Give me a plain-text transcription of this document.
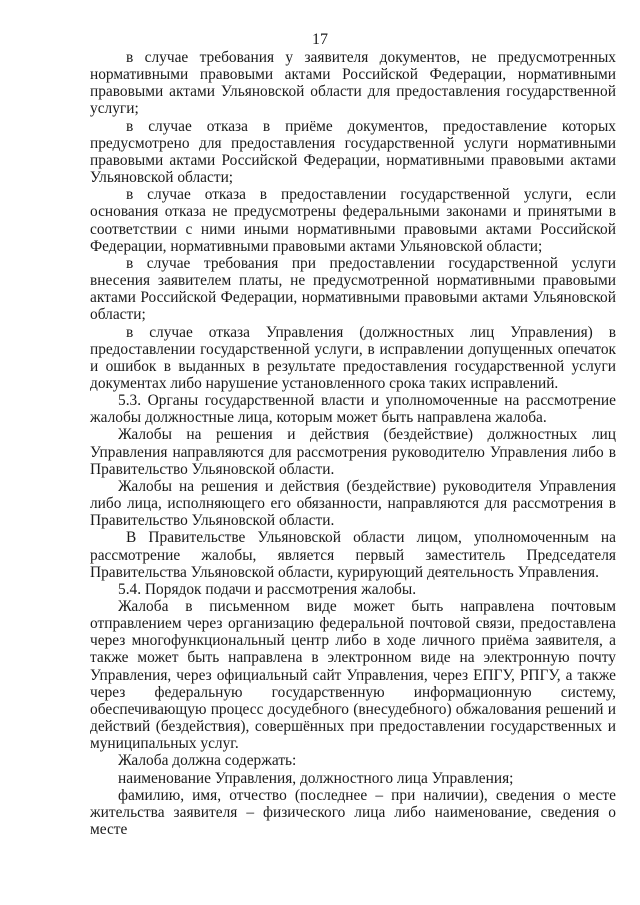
17

в случае требования у заявителя документов, не предусмотренных нормативными правовыми актами Российской Федерации, нормативными правовыми актами Ульяновской области для предоставления государственной услуги;

в случае отказа в приёме документов, предоставление которых предусмотрено для предоставления государственной услуги нормативными правовыми актами Российской Федерации, нормативными правовыми актами Ульяновской области;

в случае отказа в предоставлении государственной услуги, если основания отказа не предусмотрены федеральными законами и принятыми в соответствии с ними иными нормативными правовыми актами Российской Федерации, нормативными правовыми актами Ульяновской области;

в случае требования при предоставлении государственной услуги внесения заявителем платы, не предусмотренной нормативными правовыми актами Российской Федерации, нормативными правовыми актами Ульяновской области;

в случае отказа Управления (должностных лиц Управления) в предоставлении государственной услуги, в исправлении допущенных опечаток и ошибок в выданных в результате предоставления государственной услуги документах либо нарушение установленного срока таких исправлений.

5.3. Органы государственной власти и уполномоченные на рассмотрение жалобы должностные лица, которым может быть направлена жалоба.

Жалобы на решения и действия (бездействие) должностных лиц Управления направляются для рассмотрения руководителю Управления либо в Правительство Ульяновской области.

Жалобы на решения и действия (бездействие) руководителя Управления либо лица, исполняющего его обязанности, направляются для рассмотрения в Правительство Ульяновской области.

В Правительстве Ульяновской области лицом, уполномоченным на рассмотрение жалобы, является первый заместитель Председателя Правительства Ульяновской области, курирующий деятельность Управления.

5.4. Порядок подачи и рассмотрения жалобы.

Жалоба в письменном виде может быть направлена почтовым отправлением через организацию федеральной почтовой связи, предоставлена через многофункциональный центр либо в ходе личного приёма заявителя, а также может быть направлена в электронном виде на электронную почту Управления, через официальный сайт Управления, через ЕПГУ, РПГУ, а также через федеральную государственную информационную систему, обеспечивающую процесс досудебного (внесудебного) обжалования решений и действий (бездействия), совершённых при предоставлении государственных и муниципальных услуг.

Жалоба должна содержать:

наименование Управления, должностного лица Управления;

фамилию, имя, отчество (последнее – при наличии), сведения о месте жительства заявителя – физического лица либо наименование, сведения о месте
